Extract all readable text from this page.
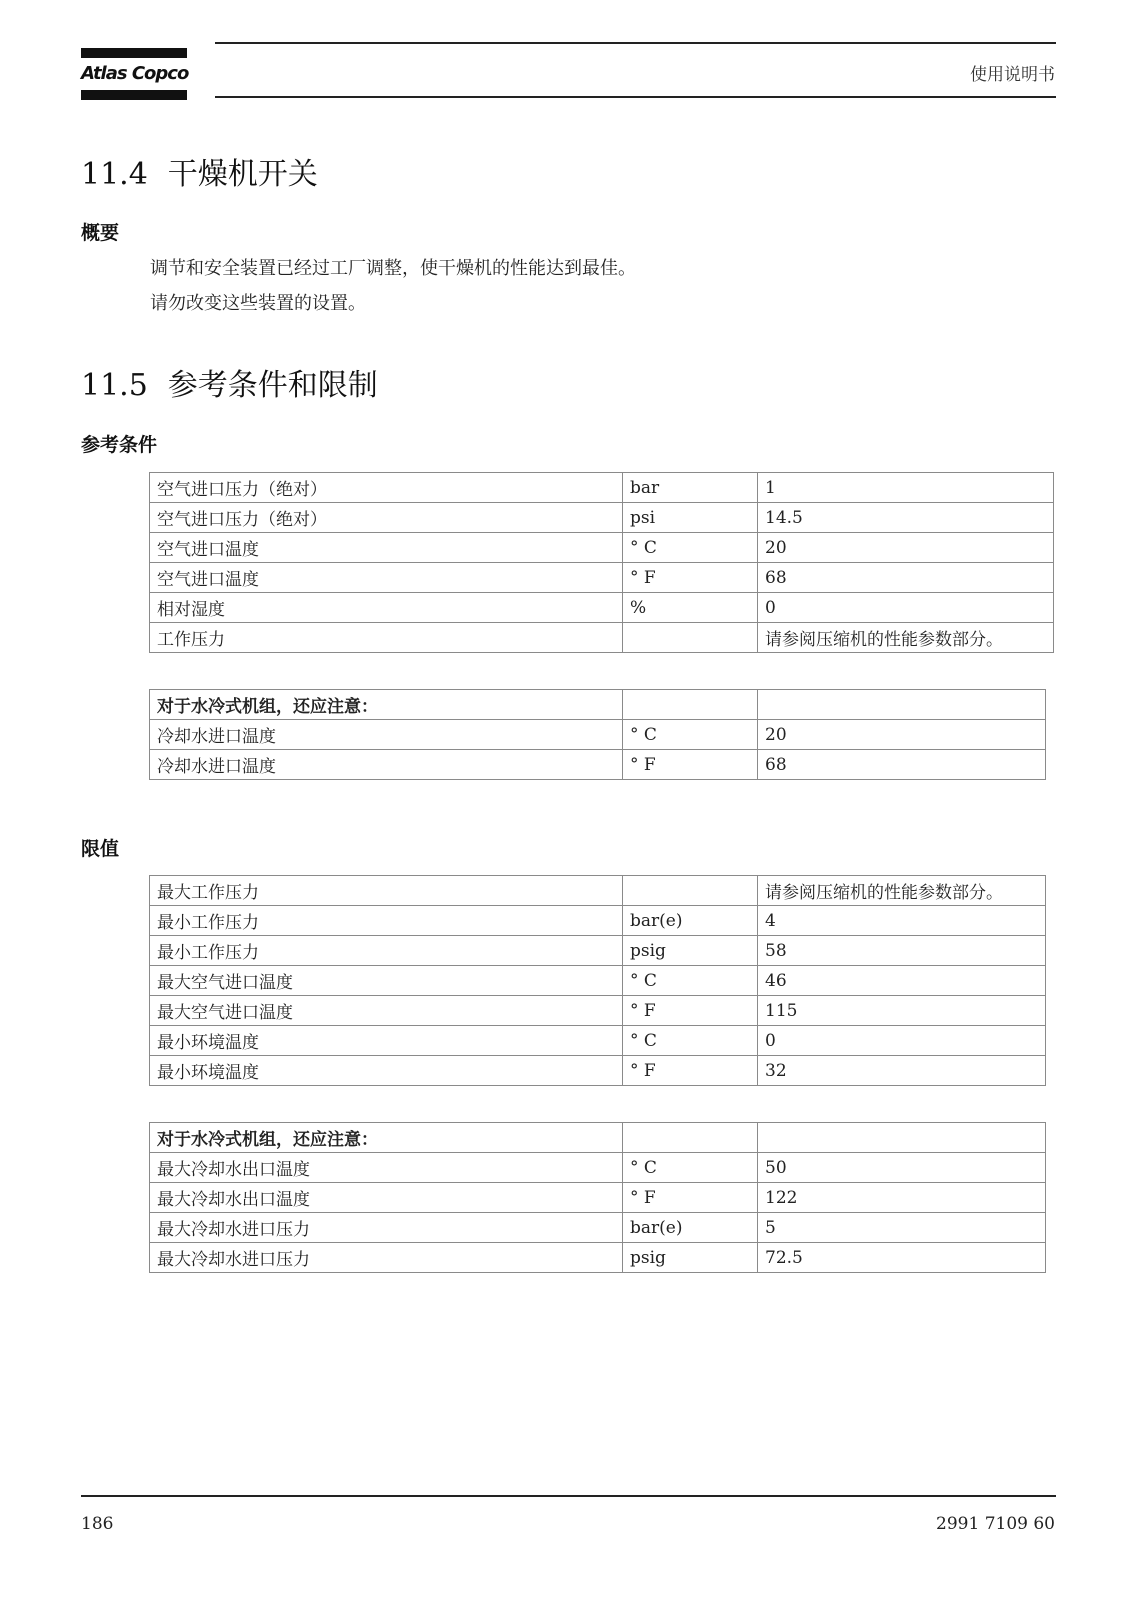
Atlas Copco	使用说明书
11.4 干燥机开关
概要
调节和安全装置已经过工厂调整，使干燥机的性能达到最佳。
请勿改变这些装置的设置。
11.5 参考条件和限制
参考条件
空气进口压力（绝对）	bar	1
空气进口压力（绝对）	psi	14.5
空气进口温度	° C	20
空气进口温度	° F	68
相对湿度	%	0
工作压力		请参阅压缩机的性能参数部分。
对于水冷式机组，还应注意：		
冷却水进口温度	° C	20
冷却水进口温度	° F	68
限值
最大工作压力		请参阅压缩机的性能参数部分。
最小工作压力	bar(e)	4
最小工作压力	psig	58
最大空气进口温度	° C	46
最大空气进口温度	° F	115
最小环境温度	° C	0
最小环境温度	° F	32
对于水冷式机组，还应注意：		
最大冷却水出口温度	° C	50
最大冷却水出口温度	° F	122
最大冷却水进口压力	bar(e)	5
最大冷却水进口压力	psig	72.5
186	2991 7109 60
